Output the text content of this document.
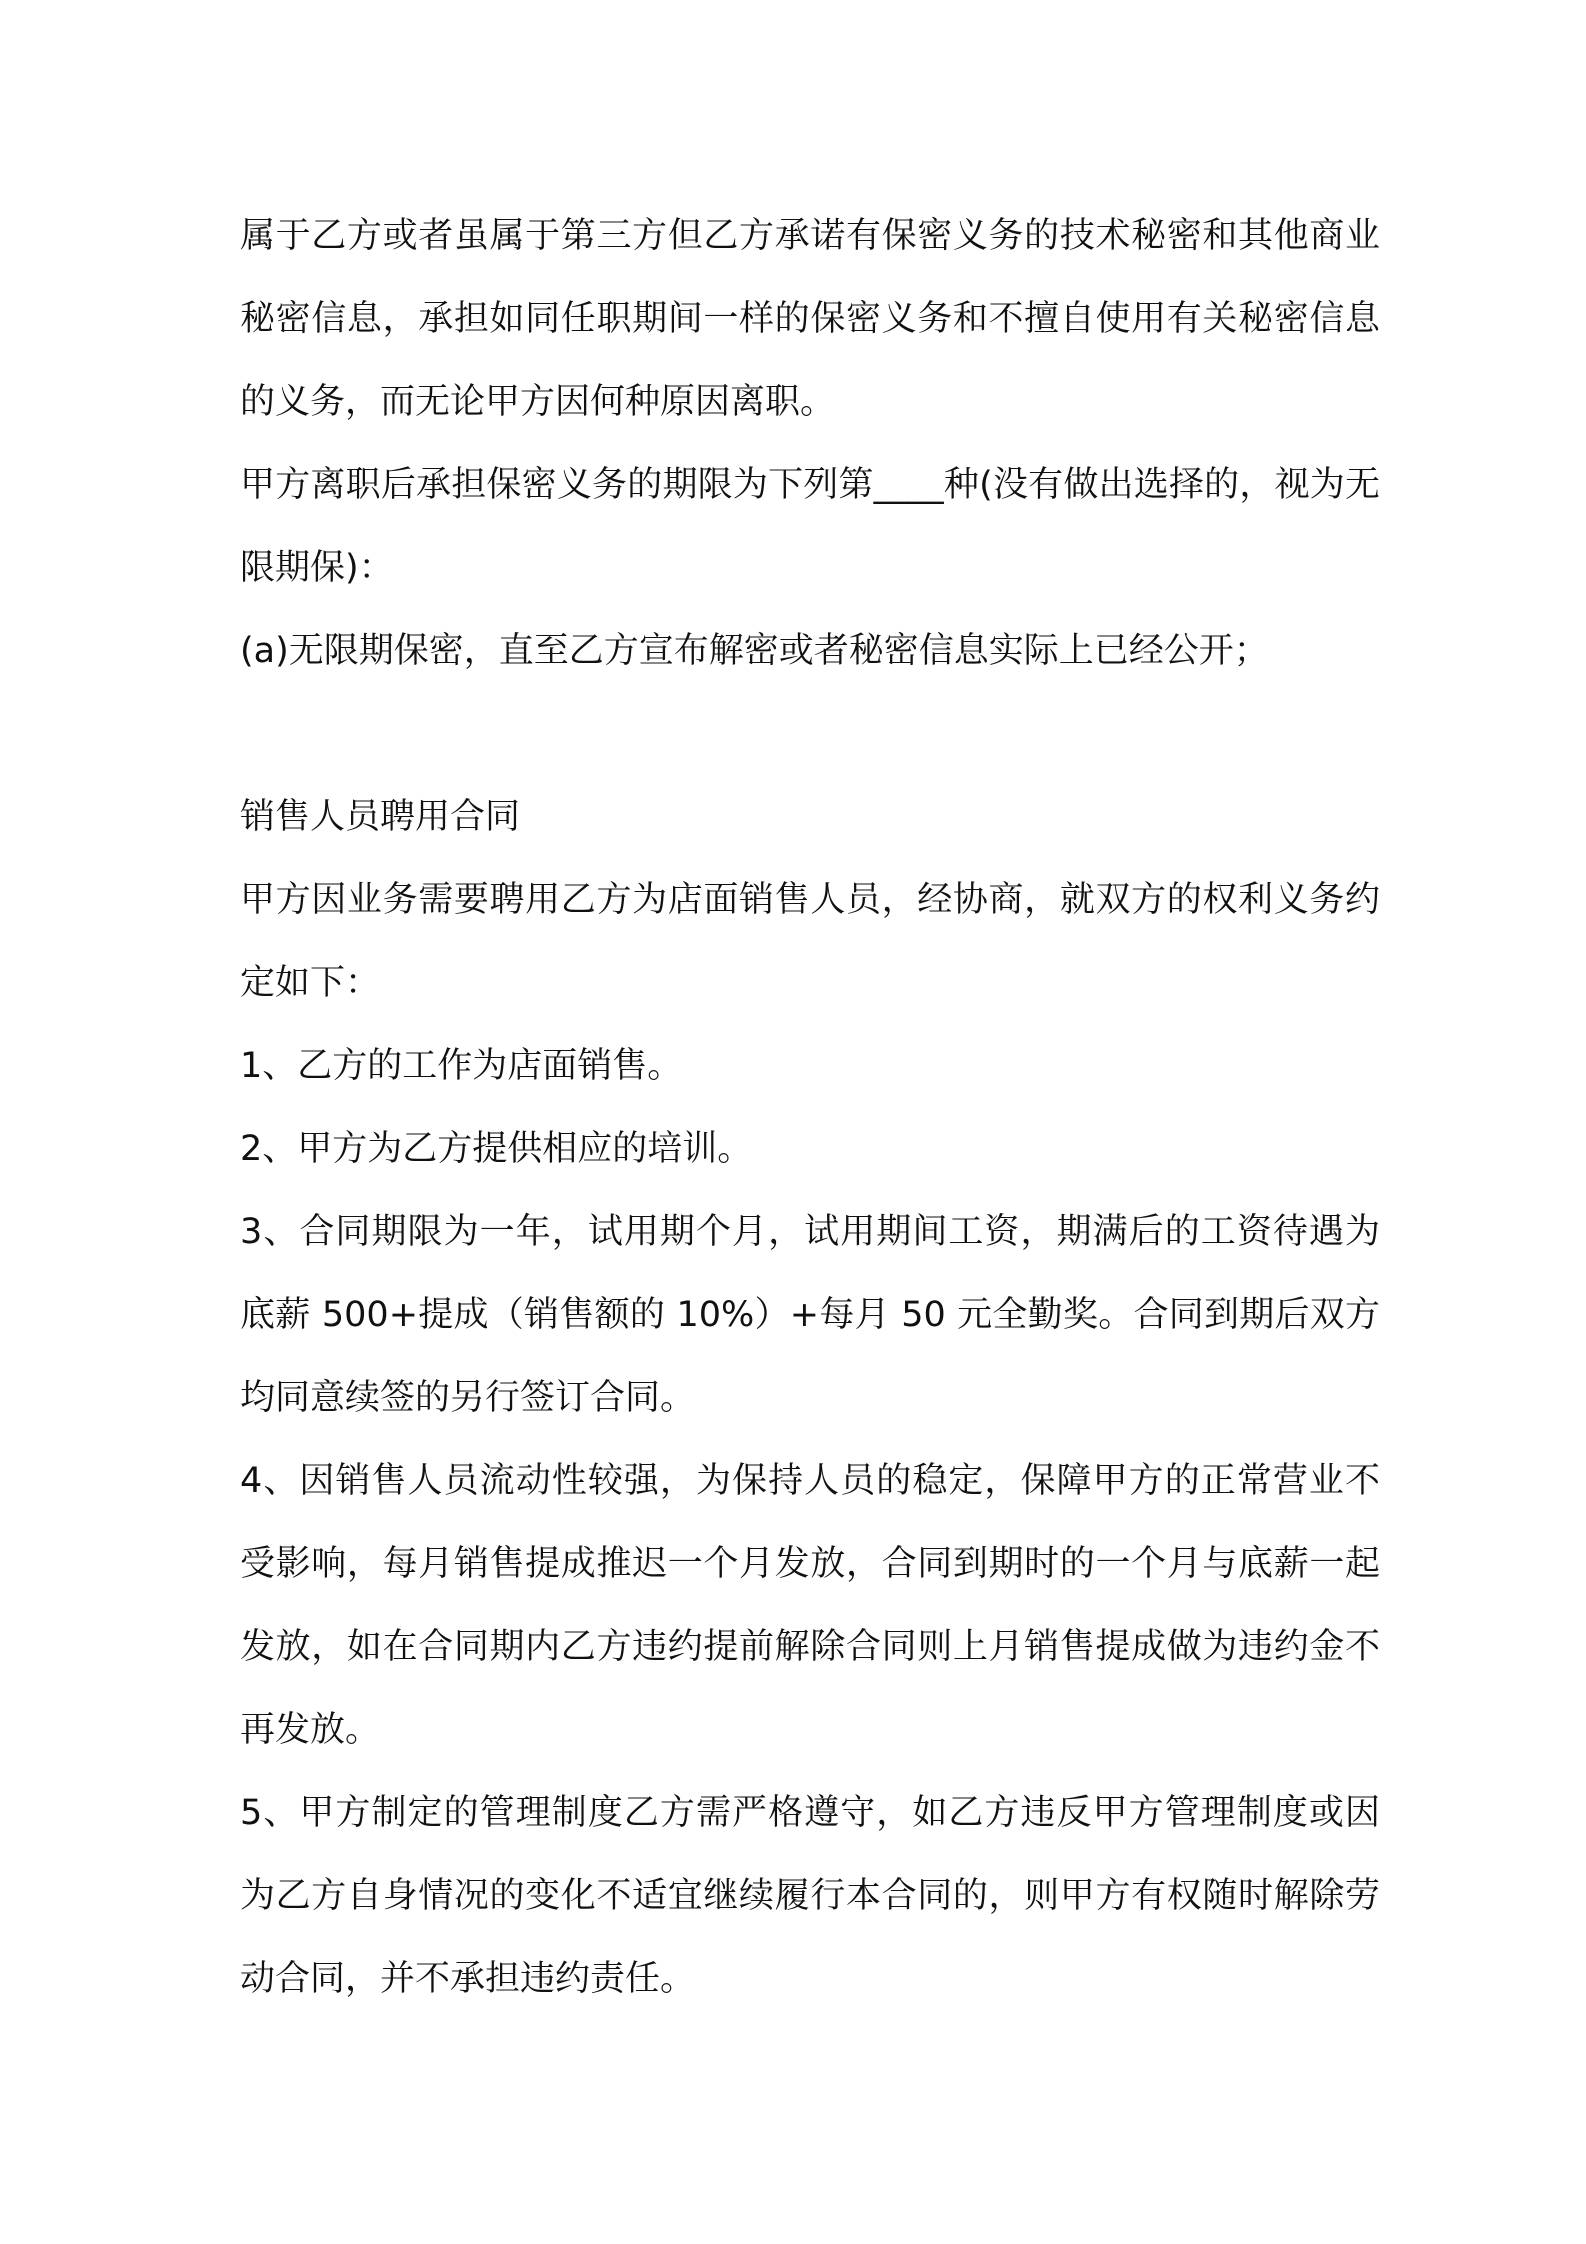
属于乙方或者虽属于第三方但乙方承诺有保密义务的技术秘密和其他商业秘密信息，承担如同任职期间一样的保密义务和不擅自使用有关秘密信息的义务，而无论甲方因何种原因离职。

甲方离职后承担保密义务的期限为下列第____种(没有做出选择的，视为无限期保)：

(a)无限期保密，直至乙方宣布解密或者秘密信息实际上已经公开；

销售人员聘用合同

甲方因业务需要聘用乙方为店面销售人员，经协商，就双方的权利义务约定如下：

1、乙方的工作为店面销售。

2、甲方为乙方提供相应的培训。

3、合同期限为一年，试用期个月，试用期间工资，期满后的工资待遇为底薪 500+提成（销售额的 10%）+每月 50 元全勤奖。合同到期后双方均同意续签的另行签订合同。

4、因销售人员流动性较强，为保持人员的稳定，保障甲方的正常营业不受影响，每月销售提成推迟一个月发放，合同到期时的一个月与底薪一起发放，如在合同期内乙方违约提前解除合同则上月销售提成做为违约金不再发放。

5、甲方制定的管理制度乙方需严格遵守，如乙方违反甲方管理制度或因为乙方自身情况的变化不适宜继续履行本合同的，则甲方有权随时解除劳动合同，并不承担违约责任。
